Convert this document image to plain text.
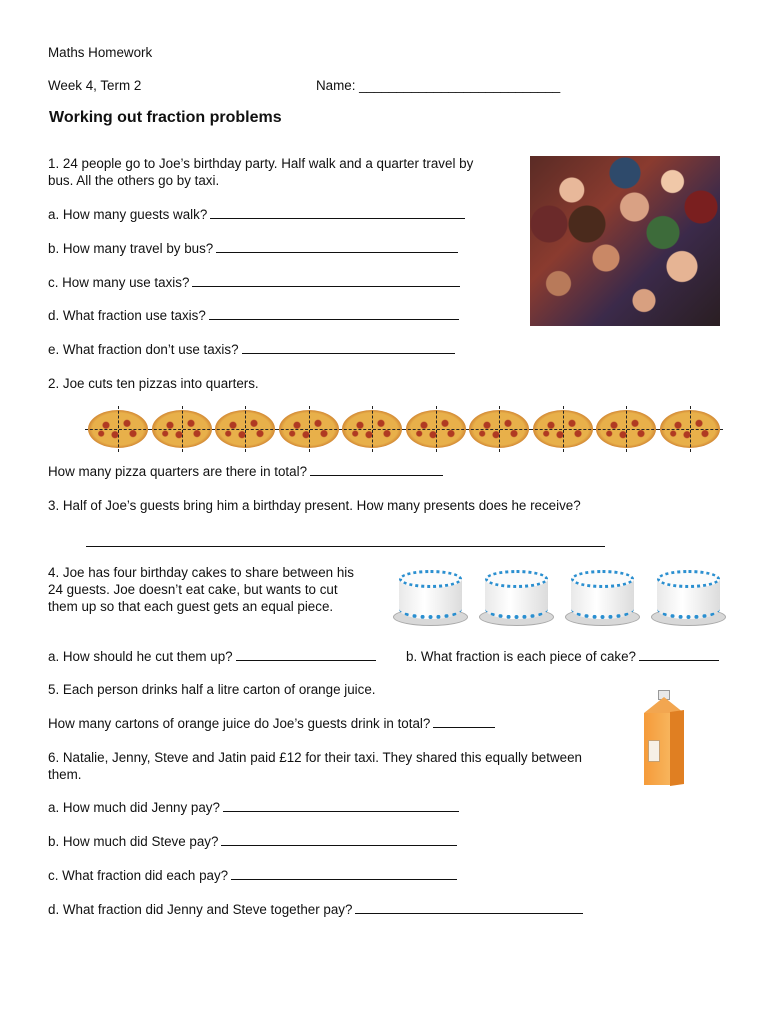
Maths Homework
Week 4, Term 2	Name: ___________________________
Working out fraction problems
1. 24 people go to Joe’s birthday party. Half walk and a quarter travel by bus. All the others go by taxi.
a. How many guests walk?
b. How many travel by bus?
c. How many use taxis?
d. What fraction use taxis?
e. What fraction don’t use taxis?
2. Joe cuts ten pizzas into quarters.
How many pizza quarters are there in total?
3. Half of Joe’s guests bring him a birthday present. How many presents does he receive?
4. Joe has four birthday cakes to share between his 24 guests. Joe doesn’t eat cake, but wants to cut them up so that each guest gets an equal piece.
a. How should he cut them up?	b. What fraction is each piece of cake?
5. Each person drinks half a litre carton of orange juice.
How many cartons of orange juice do Joe’s guests drink in total?
6. Natalie, Jenny, Steve and Jatin paid £12 for their taxi. They shared this equally between them.
a. How much did Jenny pay?
b. How much did Steve pay?
c. What fraction did each pay?
d. What fraction did Jenny and Steve together pay?
